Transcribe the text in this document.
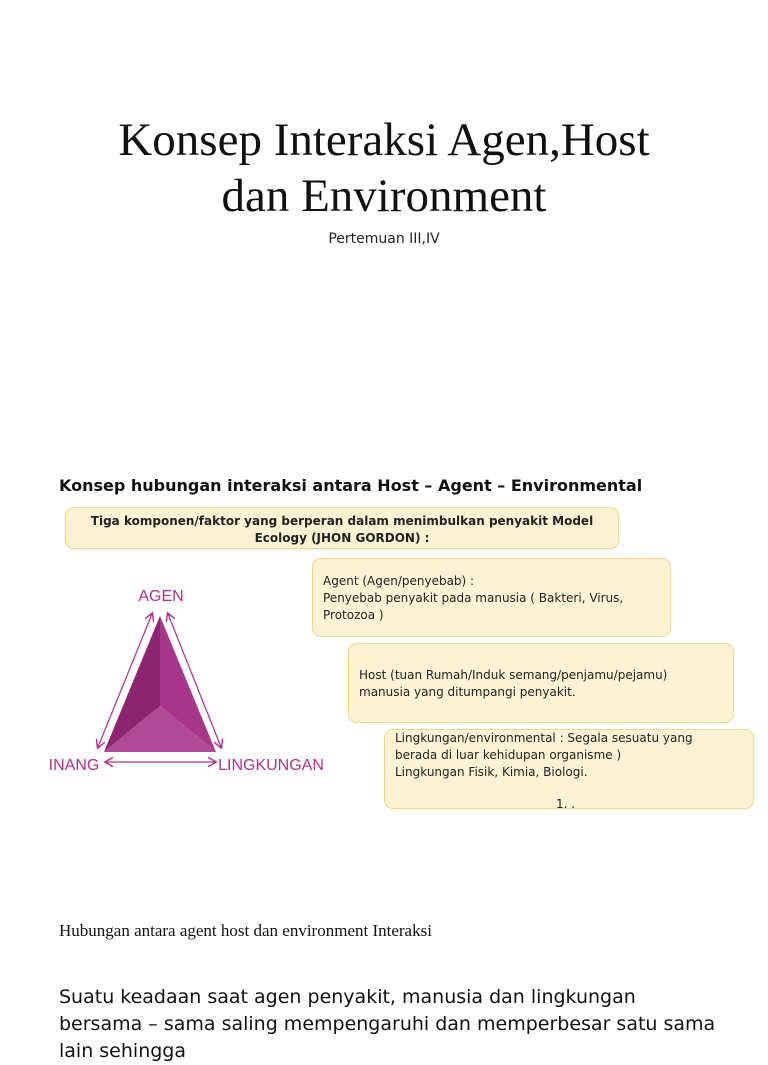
Konsep Interaksi Agen,Host
dan Environment
Pertemuan III,IV
Konsep hubungan interaksi antara Host – Agent – Environmental
Tiga komponen/faktor yang berperan dalam menimbulkan penyakit Model
Ecology (JHON GORDON) :
AGEN
INANG	LINGKUNGAN
Agent (Agen/penyebab) :
Penyebab penyakit pada manusia ( Bakteri, Virus,
Protozoa )
Host (tuan Rumah/Induk semang/penjamu/pejamu)
manusia yang ditumpangi penyakit.
Lingkungan/environmental : Segala sesuatu yang
berada di luar kehidupan organisme )
Lingkungan Fisik, Kimia, Biologi.
1. .
Hubungan antara agent host dan environment Interaksi
Suatu keadaan saat agen penyakit, manusia dan lingkungan bersama – sama saling mempengaruhi dan memperbesar satu sama lain sehingga
